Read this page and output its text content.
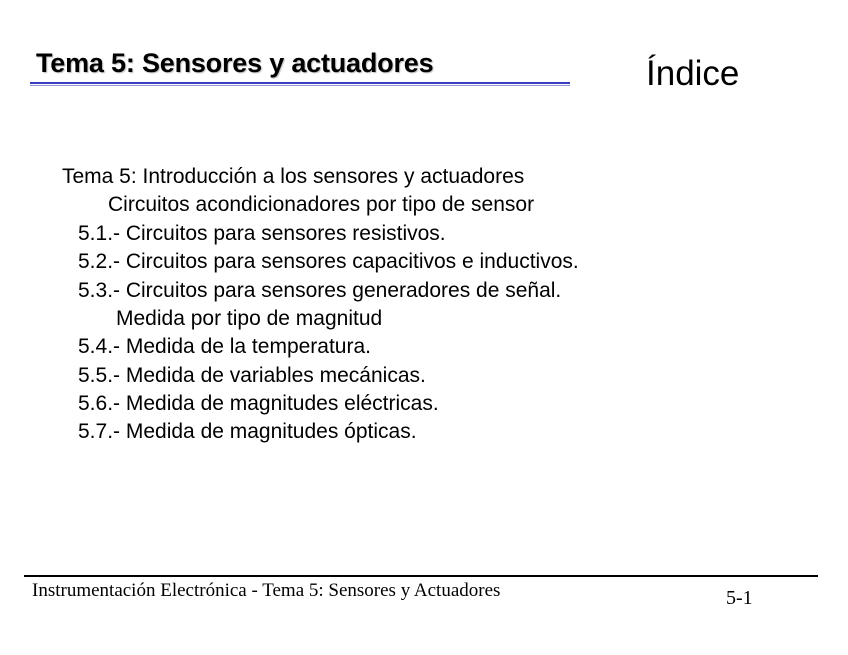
Tema 5: Sensores y actuadores	Índice
Tema 5: Introducción a los sensores y actuadores
Circuitos acondicionadores por tipo de sensor
5.1.- Circuitos para sensores resistivos.
5.2.- Circuitos para sensores capacitivos e inductivos.
5.3.- Circuitos para sensores generadores de señal.
Medida por tipo de magnitud
5.4.- Medida de la temperatura.
5.5.- Medida de variables mecánicas.
5.6.- Medida de magnitudes eléctricas.
5.7.- Medida de magnitudes ópticas.
Instrumentación Electrónica - Tema 5: Sensores y Actuadores	5-1
